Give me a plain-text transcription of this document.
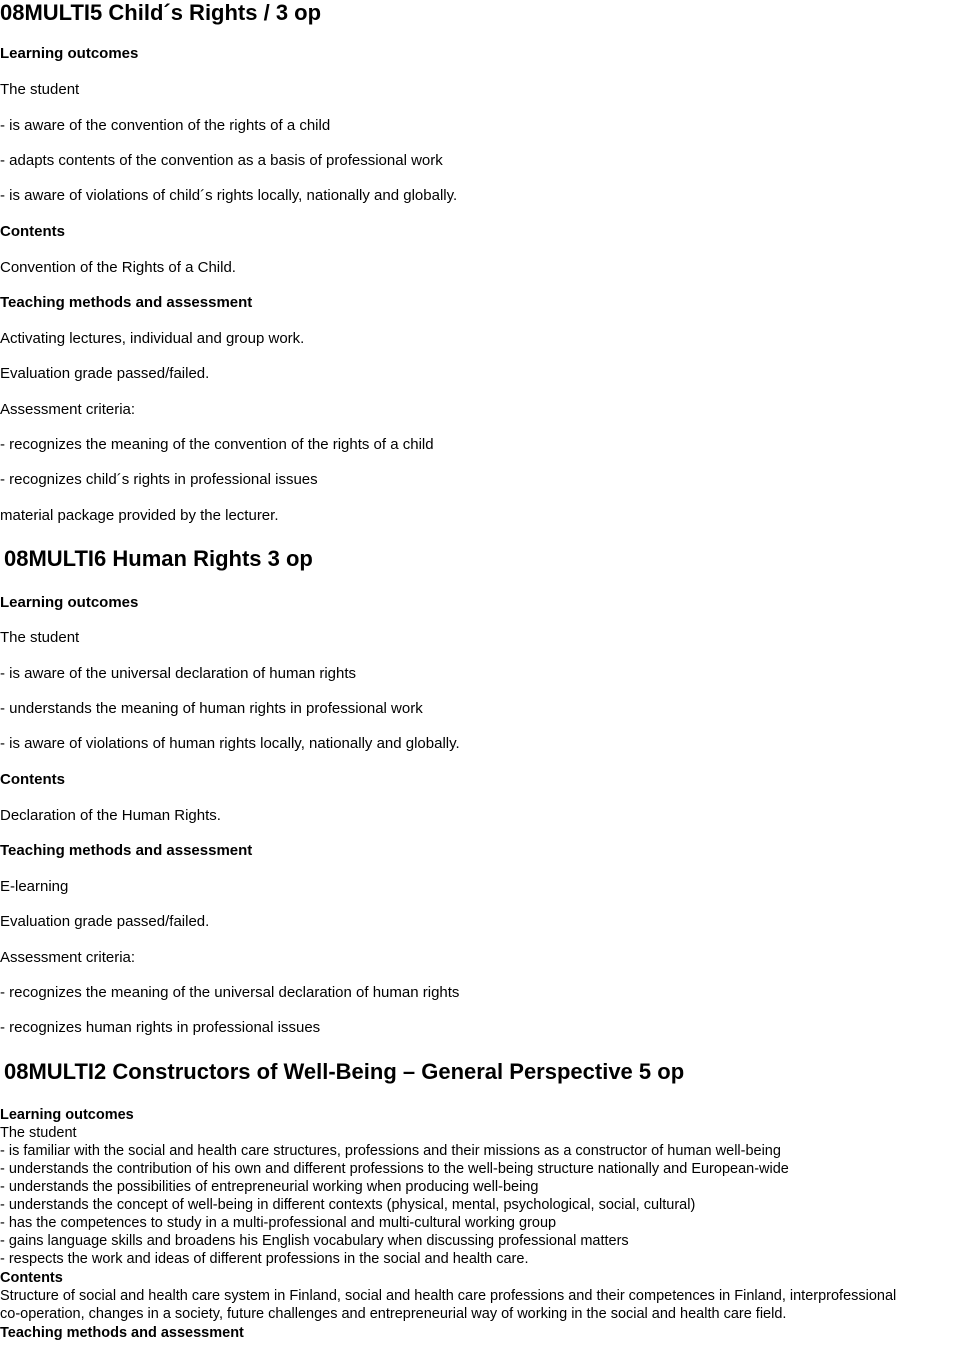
08MULTI5 Child´s Rights / 3 op
Learning outcomes
The student
- is aware of the convention of the rights of a child
- adapts contents of the convention as a basis of professional work
- is aware of violations of child´s rights locally, nationally and globally.
Contents
Convention of the Rights of a Child.
Teaching methods and assessment
Activating lectures, individual and group work.
Evaluation grade passed/failed.
Assessment criteria:
- recognizes the meaning of the convention of the rights of a child
- recognizes child´s rights in professional issues
material package provided by the lecturer.
08MULTI6 Human Rights 3 op
Learning outcomes
The student
- is aware of the universal declaration of human rights
- understands the meaning of human rights in professional work
- is aware of violations of human rights locally, nationally and globally.
Contents
Declaration of the Human Rights.
Teaching methods and assessment
E-learning
Evaluation grade passed/failed.
Assessment criteria:
- recognizes the meaning of the universal declaration of human rights
- recognizes human rights in professional issues
08MULTI2 Constructors of Well-Being – General Perspective 5 op
Learning outcomes
The student
- is familiar with the social and health care structures, professions and their missions as a constructor of human well-being
- understands the contribution of his own and different professions to the well-being structure nationally and European-wide
- understands the possibilities of entrepreneurial working when producing well-being
- understands the concept of well-being in different contexts (physical, mental, psychological, social, cultural)
- has the competences to study in a multi-professional and multi-cultural working group
- gains language skills and broadens his English vocabulary when discussing professional matters
- respects the work and ideas of different professions in the social and health care.
Contents
Structure of social and health care system in Finland, social and health care professions and their competences in Finland, interprofessional
co-operation, changes in a society, future challenges and entrepreneurial way of working in the social and health care field.
Teaching methods and assessment
